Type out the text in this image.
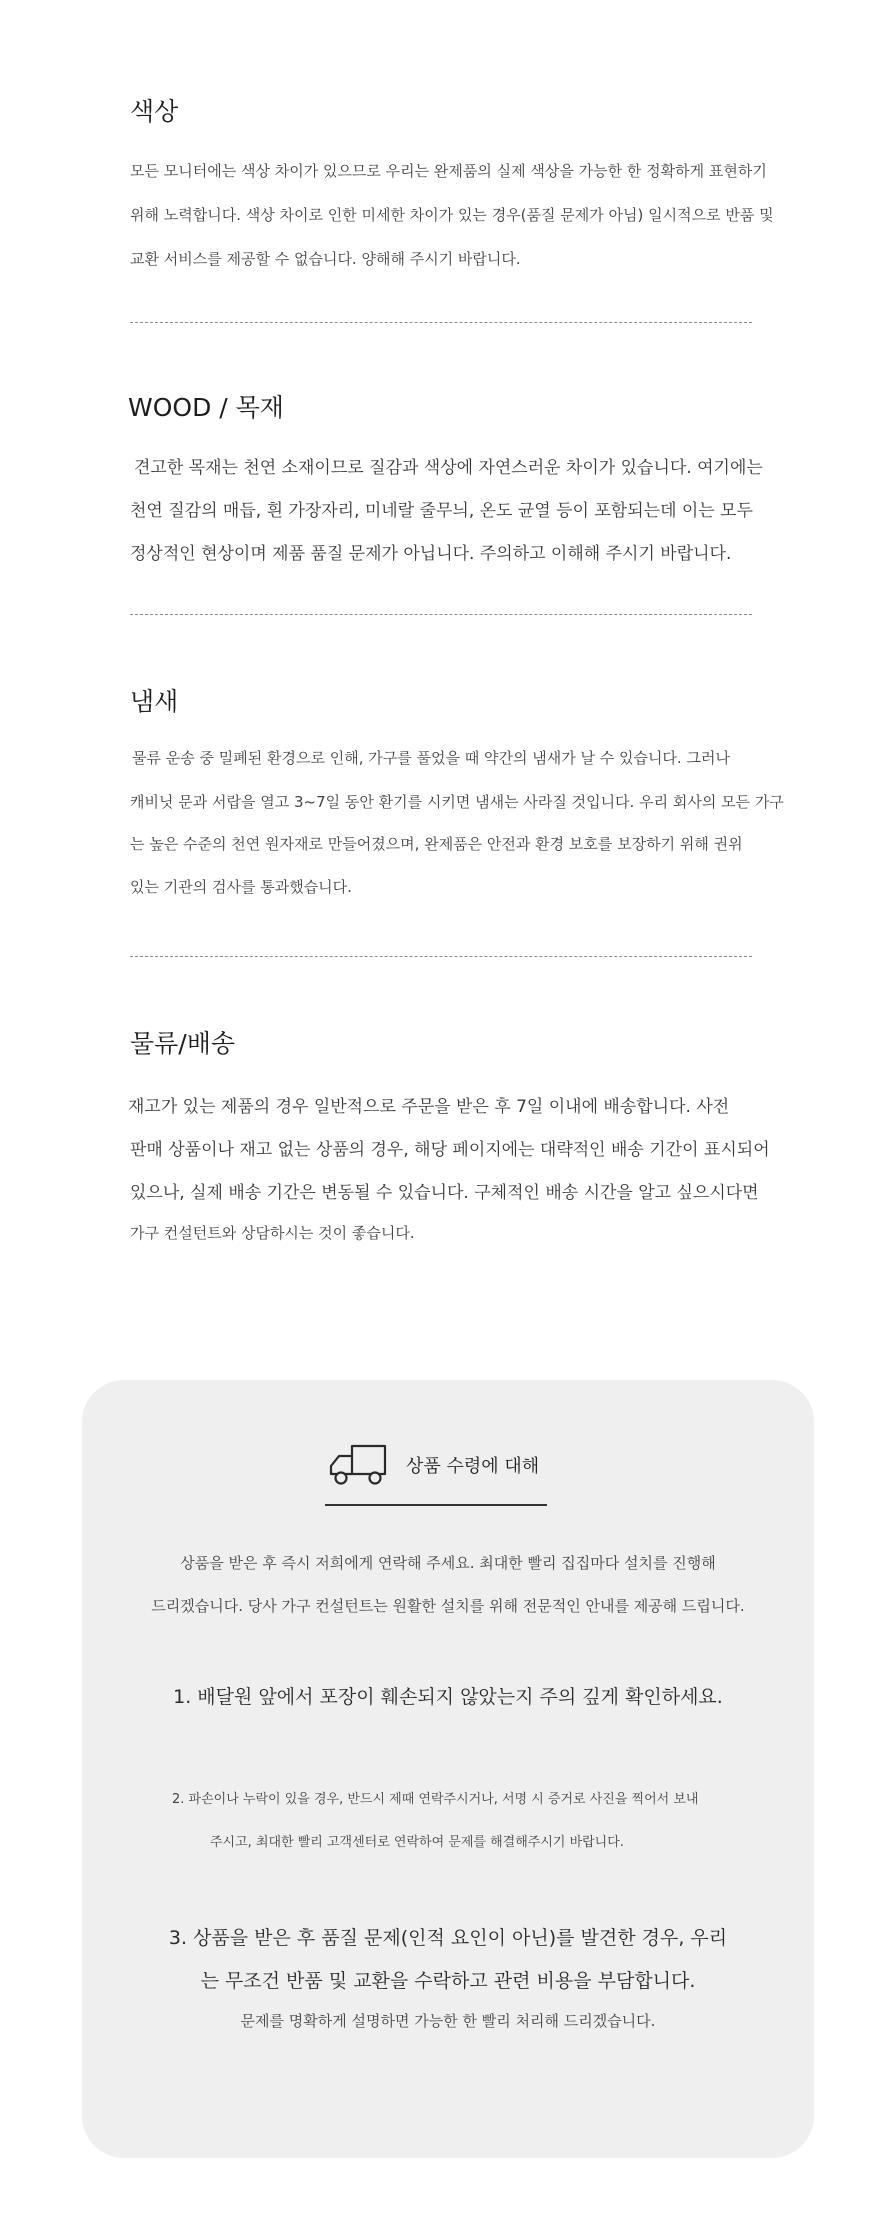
색상
모든 모니터에는 색상 차이가 있으므로 우리는 완제품의 실제 색상을 가능한 한 정확하게 표현하기
위해 노력합니다. 색상 차이로 인한 미세한 차이가 있는 경우(품질 문제가 아님) 일시적으로 반품 및
교환 서비스를 제공할 수 없습니다. 양해해 주시기 바랍니다.
WOOD / 목재
견고한 목재는 천연 소재이므로 질감과 색상에 자연스러운 차이가 있습니다. 여기에는
천연 질감의 매듭, 흰 가장자리, 미네랄 줄무늬, 온도 균열 등이 포함되는데 이는 모두
정상적인 현상이며 제품 품질 문제가 아닙니다. 주의하고 이해해 주시기 바랍니다.
냄새
물류 운송 중 밀폐된 환경으로 인해, 가구를 풀었을 때 약간의 냄새가 날 수 있습니다. 그러나
캐비닛 문과 서랍을 열고 3~7일 동안 환기를 시키면 냄새는 사라질 것입니다. 우리 회사의 모든 가구
는 높은 수준의 천연 원자재로 만들어졌으며, 완제품은 안전과 환경 보호를 보장하기 위해 권위
있는 기관의 검사를 통과했습니다.
물류/배송
재고가 있는 제품의 경우 일반적으로 주문을 받은 후 7일 이내에 배송합니다. 사전
판매 상품이나 재고 없는 상품의 경우, 해당 페이지에는 대략적인 배송 기간이 표시되어
있으나, 실제 배송 기간은 변동될 수 있습니다. 구체적인 배송 시간을 알고 싶으시다면
가구 컨설턴트와 상담하시는 것이 좋습니다.
상품 수령에 대해
상품을 받은 후 즉시 저희에게 연락해 주세요. 최대한 빨리 집집마다 설치를 진행해
드리겠습니다. 당사 가구 컨설턴트는 원활한 설치를 위해 전문적인 안내를 제공해 드립니다.
1. 배달원 앞에서 포장이 훼손되지 않았는지 주의 깊게 확인하세요.
2. 파손이나 누락이 있을 경우, 반드시 제때 연락주시거나, 서명 시 증거로 사진을 찍어서 보내
주시고, 최대한 빨리 고객센터로 연락하여 문제를 해결해주시기 바랍니다.
3. 상품을 받은 후 품질 문제(인적 요인이 아닌)를 발견한 경우, 우리
는 무조건 반품 및 교환을 수락하고 관련 비용을 부담합니다.
문제를 명확하게 설명하면 가능한 한 빨리 처리해 드리겠습니다.
